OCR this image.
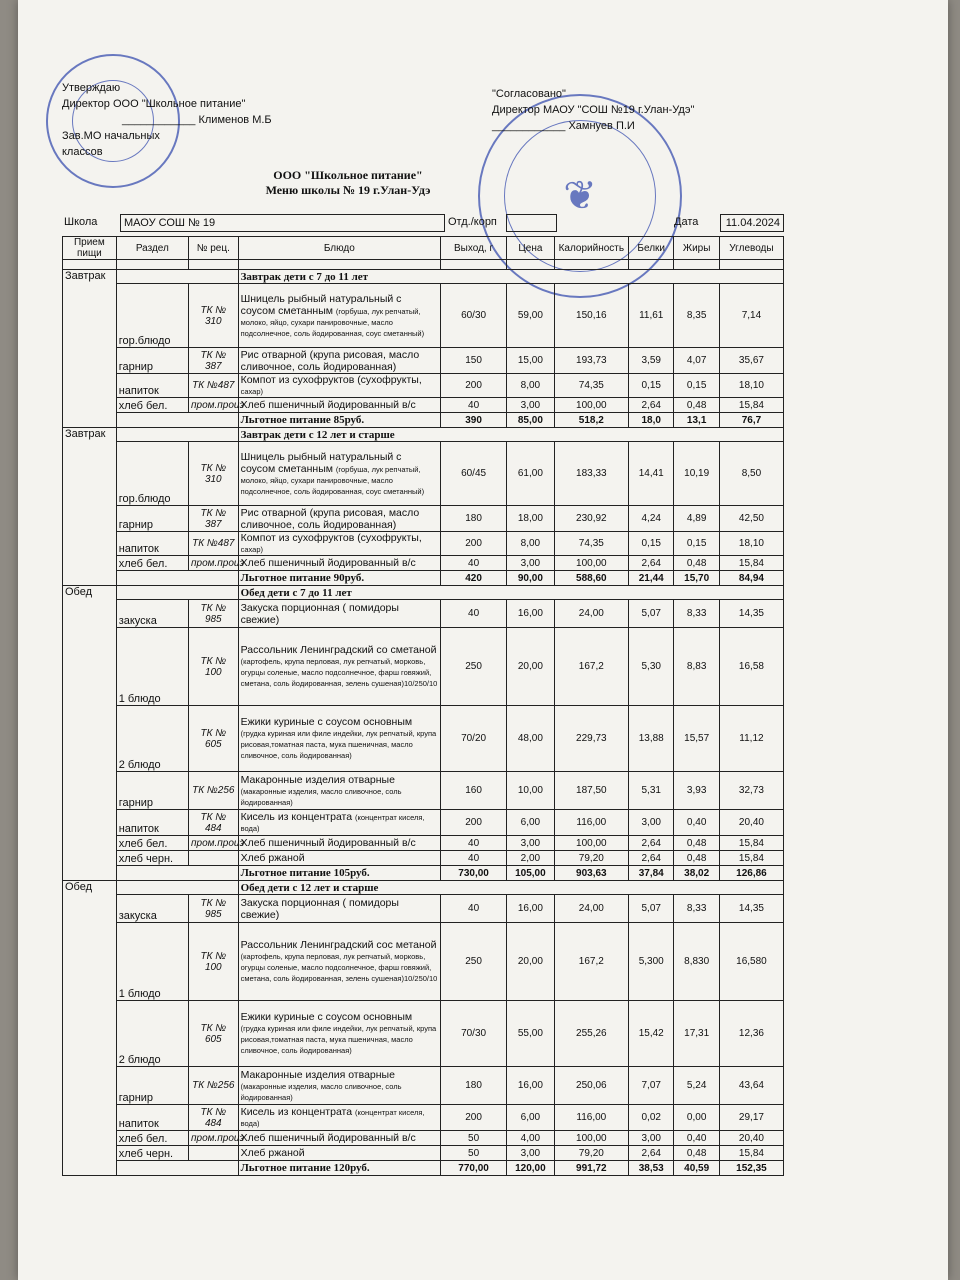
❦
Утверждаю
Директор ООО "Школьное питание"
____________ Клименов М.Б
Зав.МО начальных
классов
"Согласовано"
Директор МАОУ "СОШ №19 г.Улан-Удэ"
____________ Хамнуев П.И
ООО "Школьное питание"
Меню школы № 19 г.Улан-Удэ
Школа	МАОУ СОШ № 19	Отд./корп	Дата	11.04.2024
Прием пищи	Раздел	№ рец.	Блюдо	Выход, г	Цена	Калорийность	Белки	Жиры	Углеводы

Завтрак			Завтрак дети с 7 до 11 лет						
	гор.блюдо	ТК № 310	Шницель рыбный натуральный с соусом сметанным (горбуша, лук репчатый, молоко, яйцо, сухари панировочные, масло подсолнечное, соль йодированная, соус сметанный)	60/30	59,00	150,16	11,61	8,35	7,14
	гарнир	ТК № 387	Рис отварной (крупа рисовая, масло сливочное, соль йодированная)	150	15,00	193,73	3,59	4,07	35,67
	напиток	ТК №487	Компот из сухофруктов (сухофрукты, сахар)	200	8,00	74,35	0,15	0,15	18,10
	хлеб бел.	пром.произ	Хлеб пшеничный йодированный в/с	40	3,00	100,00	2,64	0,48	15,84
			Льготное питание 85руб.	390	85,00	518,2	18,0	13,1	76,7
Завтрак			Завтрак дети с 12 лет и старше						
	гор.блюдо	ТК № 310	Шницель рыбный натуральный с соусом сметанным (горбуша, лук репчатый, молоко, яйцо, сухари панировочные, масло подсолнечное, соль йодированная, соус сметанный)	60/45	61,00	183,33	14,41	10,19	8,50
	гарнир	ТК № 387	Рис отварной (крупа рисовая, масло сливочное, соль йодированная)	180	18,00	230,92	4,24	4,89	42,50
	напиток	ТК №487	Компот из сухофруктов (сухофрукты, сахар)	200	8,00	74,35	0,15	0,15	18,10
	хлеб бел.	пром.произ	Хлеб пшеничный йодированный в/с	40	3,00	100,00	2,64	0,48	15,84
			Льготное питание 90руб.	420	90,00	588,60	21,44	15,70	84,94
Обед			Обед дети с 7 до 11 лет						
	закуска	ТК № 985	Закуска порционная ( помидоры свежие)	40	16,00	24,00	5,07	8,33	14,35
	1 блюдо	ТК № 100	Рассольник Ленинградский со сметаной (картофель, крупа перловая, лук репчатый, морковь, огурцы соленые, масло подсолнечное, фарш говяжий, сметана, соль йодированная, зелень сушеная)10/250/10	250	20,00	167,2	5,30	8,83	16,58
	2 блюдо	ТК № 605	Ежики куриные с соусом основным (грудка куриная или филе индейки, лук репчатый, крупа рисовая,томатная паста, мука пшеничная, масло сливочное, соль йодированная)	70/20	48,00	229,73	13,88	15,57	11,12
	гарнир	ТК №256	Макаронные изделия отварные (макаронные изделия, масло сливочное, соль йодированная)	160	10,00	187,50	5,31	3,93	32,73
	напиток	ТК № 484	Кисель из концентрата (концентрат киселя, вода)	200	6,00	116,00	3,00	0,40	20,40
	хлеб бел.	пром.произ	Хлеб пшеничный йодированный в/с	40	3,00	100,00	2,64	0,48	15,84
	хлеб черн.		Хлеб ржаной	40	2,00	79,20	2,64	0,48	15,84
			Льготное питание 105руб.	730,00	105,00	903,63	37,84	38,02	126,86
Обед			Обед дети с 12 лет и старше						
	закуска	ТК № 985	Закуска порционная ( помидоры свежие)	40	16,00	24,00	5,07	8,33	14,35
	1 блюдо	ТК № 100	Рассольник Ленинградский сос метаной (картофель, крупа перловая, лук репчатый, морковь, огурцы соленые, масло подсолнечное, фарш говяжий, сметана, соль йодированная, зелень сушеная)10/250/10	250	20,00	167,2	5,300	8,830	16,580
	2 блюдо	ТК № 605	Ежики куриные с соусом основным (грудка куриная или филе индейки, лук репчатый, крупа рисовая,томатная паста, мука пшеничная, масло сливочное, соль йодированная)	70/30	55,00	255,26	15,42	17,31	12,36
	гарнир	ТК №256	Макаронные изделия отварные (макаронные изделия, масло сливочное, соль йодированная)	180	16,00	250,06	7,07	5,24	43,64
	напиток	ТК № 484	Кисель из концентрата (концентрат киселя, вода)	200	6,00	116,00	0,02	0,00	29,17
	хлеб бел.	пром.произ	Хлеб пшеничный йодированный в/с	50	4,00	100,00	3,00	0,40	20,40
	хлеб черн.		Хлеб ржаной	50	3,00	79,20	2,64	0,48	15,84
			Льготное питание 120руб.	770,00	120,00	991,72	38,53	40,59	152,35
